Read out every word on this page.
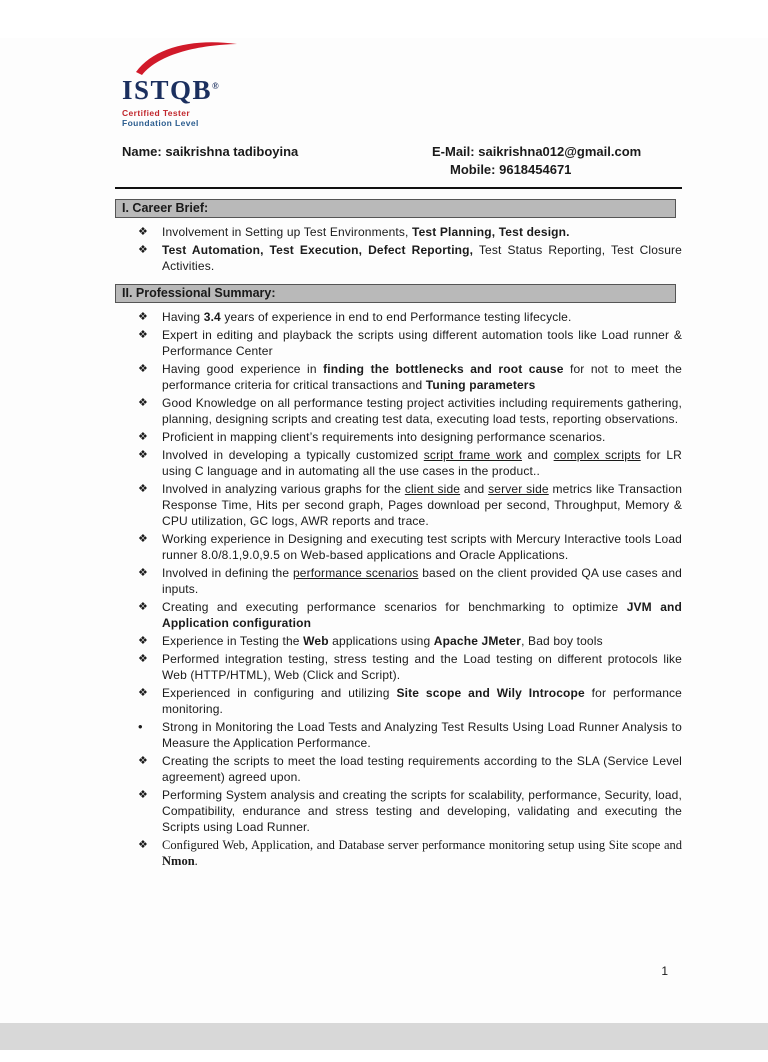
ISTQB®
Certified Tester
Foundation Level
Name: saikrishna tadiboyina	E-Mail: saikrishna012@gmail.com
Mobile: 9618454671
I. Career Brief:
❖	Involvement in Setting up Test Environments, Test Planning, Test design.
❖	Test Automation, Test Execution, Defect Reporting, Test Status Reporting, Test Closure Activities.
II. Professional Summary:
❖	Having 3.4 years of experience in end to end Performance testing lifecycle.
❖	Expert in editing and playback the scripts using different automation tools like Load runner & Performance Center
❖	Having good experience in finding the bottlenecks and root cause for not to meet the performance criteria for critical transactions and Tuning parameters
❖	Good Knowledge on all performance testing project activities including requirements gathering, planning, designing scripts and creating test data, executing load tests, reporting observations.
❖	Proficient in mapping client’s requirements into designing performance scenarios.
❖	Involved in developing a typically customized script frame work and complex scripts for LR using C language and in automating all the use cases in the product..
❖	Involved in analyzing various graphs for the client side and server side metrics like Transaction Response Time, Hits per second graph, Pages download per second, Throughput, Memory & CPU utilization, GC logs, AWR reports and trace.
❖	Working experience in Designing and executing test scripts with Mercury Interactive tools Load runner 8.0/8.1,9.0,9.5 on Web-based applications and Oracle Applications.
❖	Involved in defining the performance scenarios based on the client provided QA use cases and inputs.
❖	Creating and executing performance scenarios for benchmarking to optimize JVM and Application configuration
❖	Experience in Testing the Web applications using Apache JMeter, Bad boy tools
❖	Performed integration testing, stress testing and the Load testing on different protocols like Web (HTTP/HTML), Web (Click and Script).
❖	Experienced in configuring and utilizing Site scope and Wily Introcope for performance monitoring.
•	Strong in Monitoring the Load Tests and Analyzing Test Results Using Load Runner Analysis to Measure the Application Performance.
❖	Creating the scripts to meet the load testing requirements according to the SLA (Service Level agreement) agreed upon.
❖	Performing System analysis and creating the scripts for scalability, performance, Security, load, Compatibility, endurance and stress testing and developing, validating and executing the Scripts using Load Runner.
❖	Configured Web, Application, and Database server performance monitoring setup using Site scope and Nmon.
1
